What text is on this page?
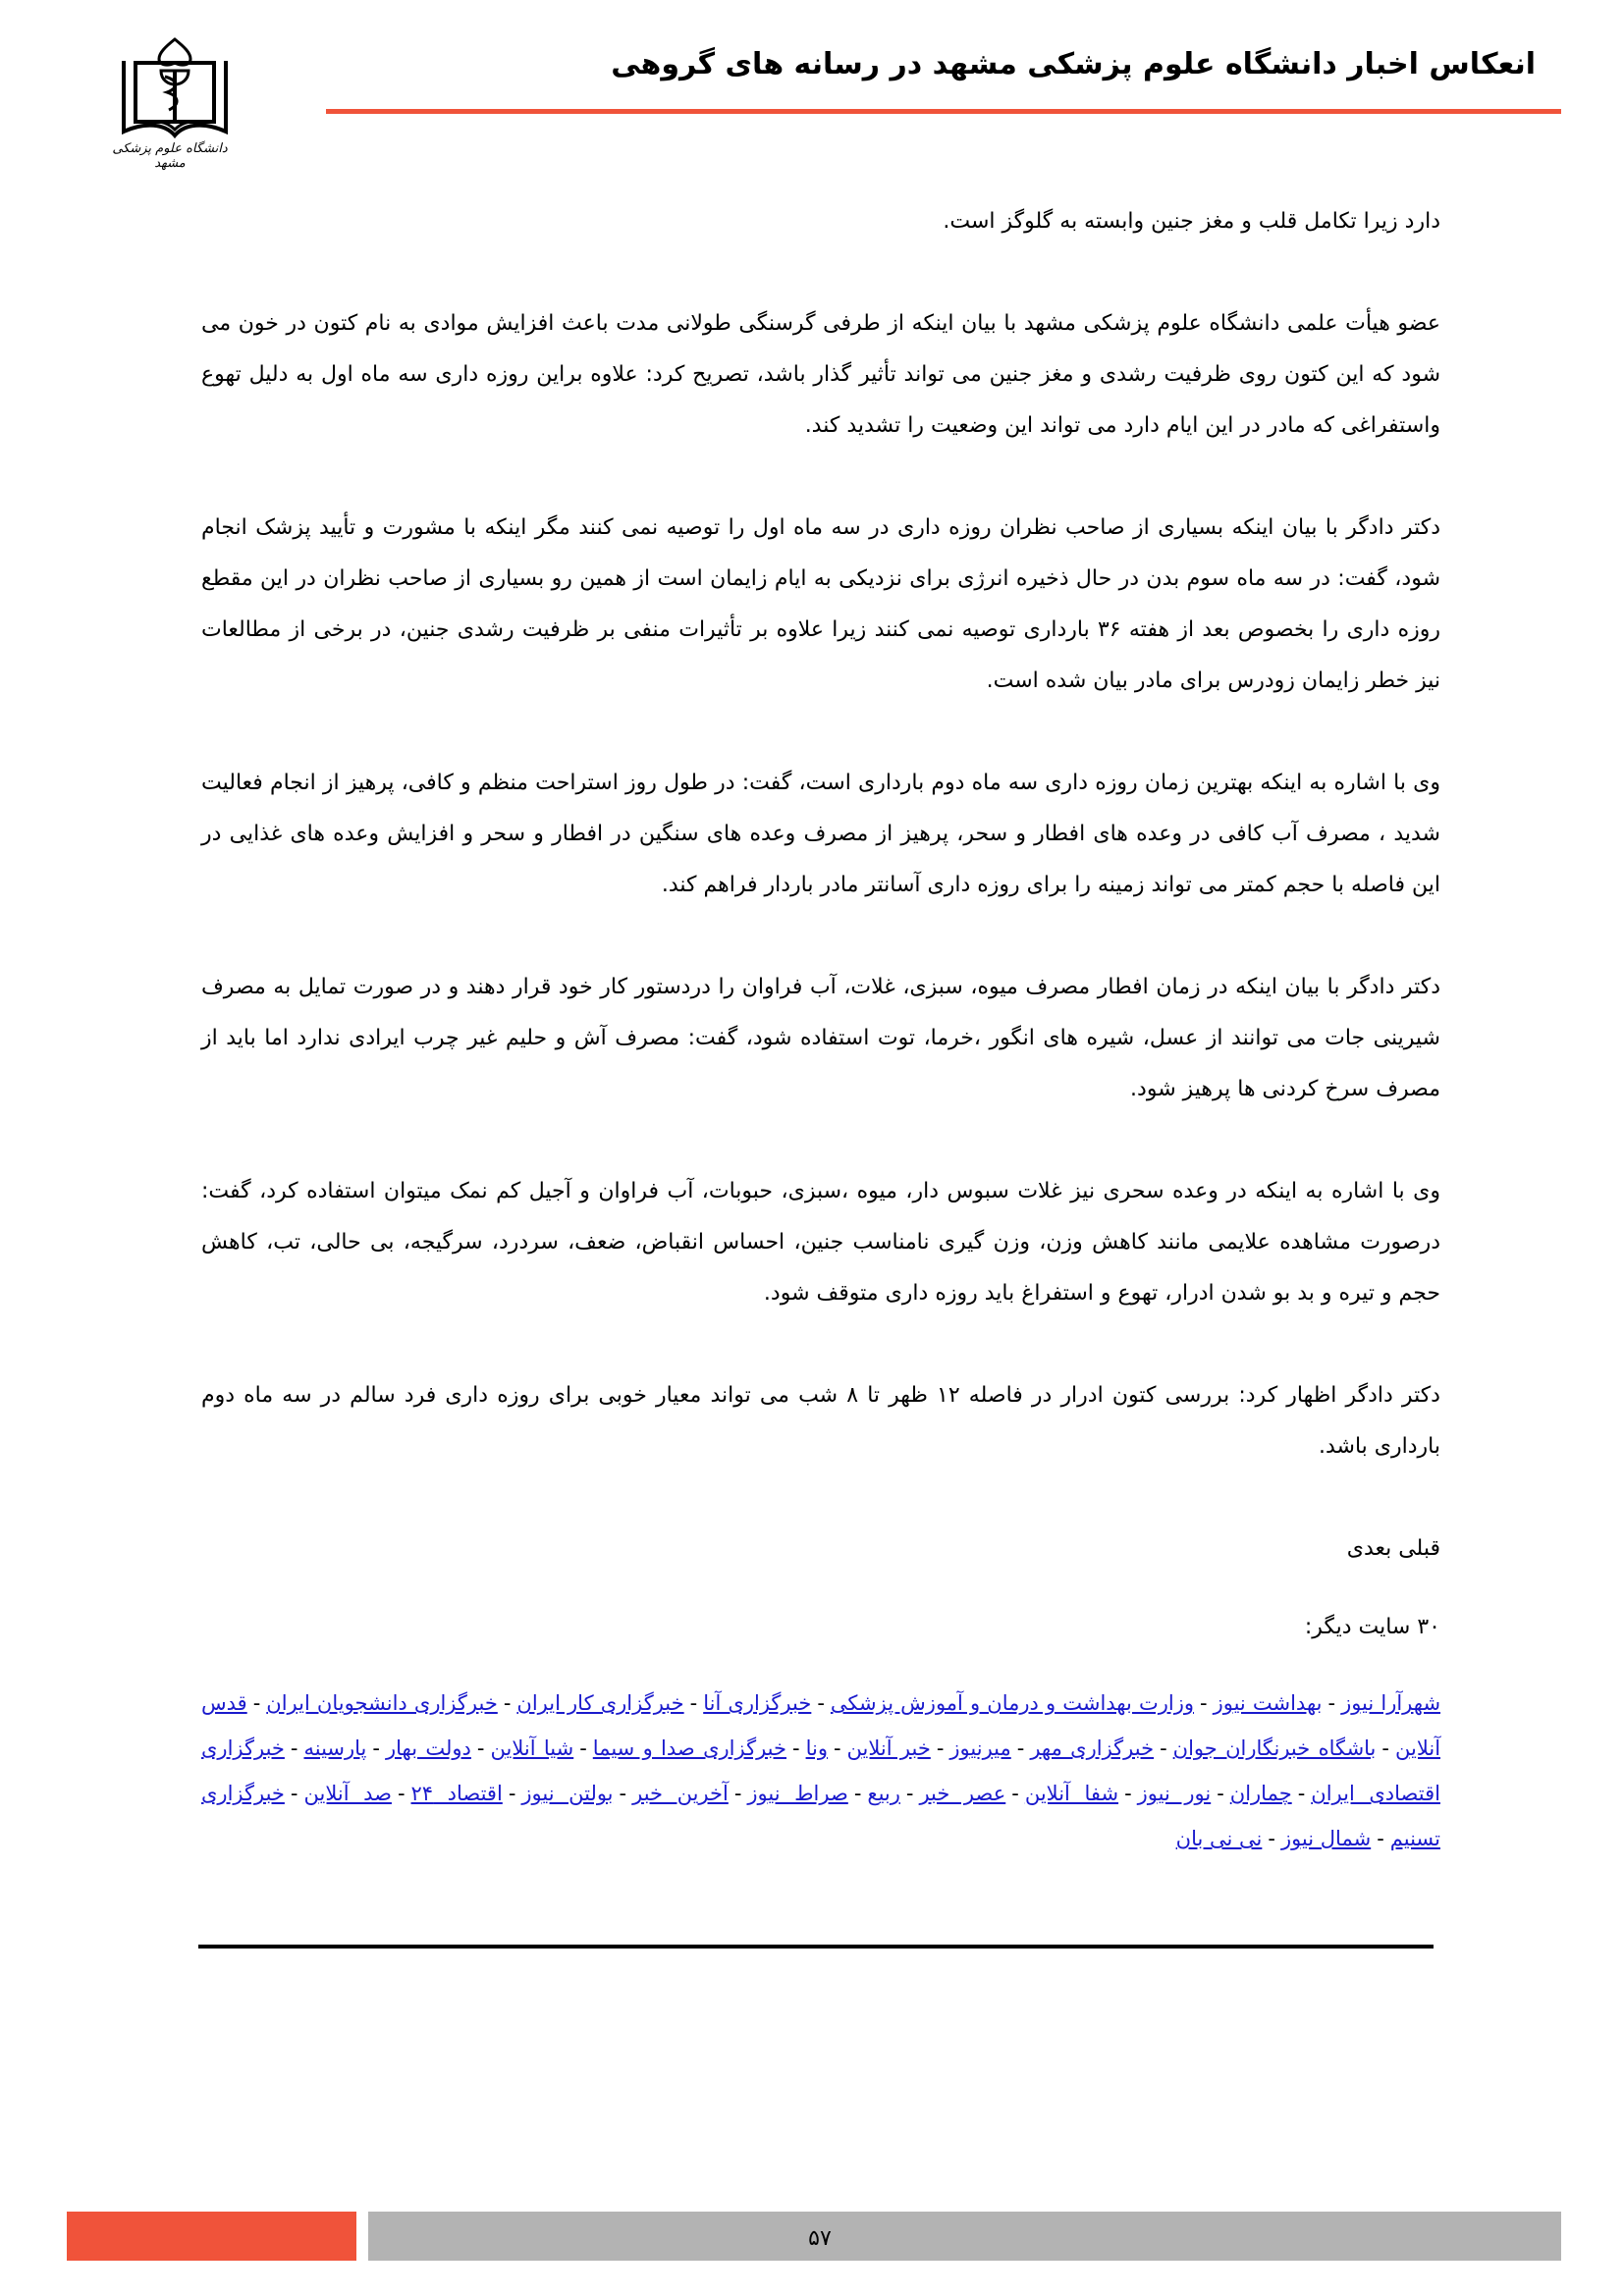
دانشگاه علوم پزشکی مشهد
انعکاس اخبار دانشگاه علوم پزشکی مشهد در رسانه های گروهی

دارد زیرا تکامل قلب و مغز جنین وابسته به گلوگز است.

عضو هیأت علمی دانشگاه علوم پزشکی مشهد با بیان اینکه از طرفی گرسنگی طولانی مدت باعث افزایش موادی به نام کتون در خون می شود که این کتون روی ظرفیت رشدی و مغز جنین می تواند تأثیر گذار باشد، تصریح کرد: علاوه براین روزه داری سه ماه اول به دلیل تهوع واستفراغی که مادر در این ایام دارد می تواند این وضعیت را تشدید کند.

دکتر دادگر با بیان اینکه بسیاری از صاحب نظران روزه داری در سه ماه اول را توصیه نمی کنند مگر اینکه با مشورت و تأیید پزشک انجام شود، گفت: در سه ماه سوم بدن در حال ذخیره انرژی برای نزدیکی به ایام زایمان است از همین رو بسیاری از صاحب نظران در این مقطع روزه داری را بخصوص بعد از هفته ۳۶ بارداری توصیه نمی کنند زیرا علاوه بر تأثیرات منفی بر ظرفیت رشدی جنین، در برخی از مطالعات نیز خطر زایمان زودرس برای مادر بیان شده است.

وی با اشاره به اینکه بهترین زمان روزه داری سه ماه دوم بارداری است، گفت: در طول روز استراحت منظم و کافی، پرهیز از انجام فعالیت شدید ، مصرف آب کافی در وعده های افطار و سحر، پرهیز از مصرف وعده های سنگین در افطار و سحر و افزایش وعده های غذایی در این فاصله با حجم کمتر می تواند زمینه را برای روزه داری آسانتر مادر باردار فراهم کند.

دکتر دادگر با بیان اینکه در زمان افطار مصرف میوه، سبزی، غلات، آب فراوان را دردستور کار خود قرار دهند و در صورت تمایل به مصرف شیرینی جات می توانند از عسل، شیره های انگور ،خرما، توت استفاده شود، گفت: مصرف آش و حلیم غیر چرب ایرادی ندارد اما باید از مصرف سرخ کردنی ها پرهیز شود.

وی با اشاره به اینکه در وعده سحری نیز غلات سبوس دار، میوه ،سبزی، حبوبات، آب فراوان و آجیل کم نمک میتوان استفاده کرد، گفت: درصورت مشاهده علایمی مانند کاهش وزن، وزن گیری نامناسب جنین، احساس انقباض، ضعف، سردرد، سرگیجه، بی حالی، تب، کاهش حجم و تیره و بد بو شدن ادرار، تهوع و استفراغ باید روزه داری متوقف شود.

دکتر دادگر اظهار کرد: بررسی کتون ادرار در فاصله ۱۲ ظهر تا ۸ شب می تواند معیار خوبی برای روزه داری فرد سالم در سه ماه دوم بارداری باشد.

قبلی بعدی

۳۰ سایت دیگر:

شهرآرا نیوز-بهداشت نیوز-وزارت بهداشت و درمان و آموزش پزشکی-خبرگزاری آنا-خبرگزاری کار ایران-خبرگزاری دانشجویان ایران-قدس آنلاین-باشگاه خبرنگاران جوان-خبرگزاری مهر-میرنیوز-خبر آنلاین-ونا-خبرگزاری صدا و سیما-شیا آنلاین-دولت بهار-پارسینه-خبرگزاری اقتصادی ایران-چماران-نور نیوز-شفا آنلاین-عصر خبر-ربیع-صراط نیوز-آخرین خبر-بولتن نیوز-اقتصاد ۲۴-صد آنلاین-خبرگزاری تسنیم-شمال نیوز-نی نی بان
۵۷
